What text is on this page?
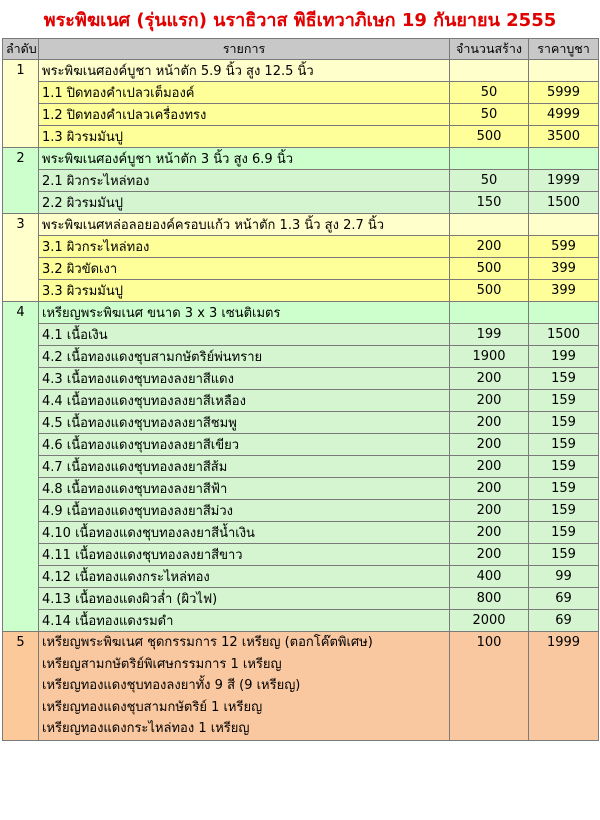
พระพิฆเนศ (รุ่นแรก) นราธิวาส พิธีเทวาภิเษก 19 กันยายน 2555
ลำดับ	รายการ	จำนวนสร้าง	ราคาบูชา
1	พระพิฆเนศองค์บูชา หน้าตัก 5.9 นิ้ว สูง 12.5 นิ้ว		
	1.1 ปิดทองคำเปลวเต็มองค์	50	5999
	1.2 ปิดทองคำเปลวเครื่องทรง	50	4999
	1.3 ผิวรมมันปู	500	3500
2	พระพิฆเนศองค์บูชา หน้าตัก 3 นิ้ว สูง 6.9 นิ้ว		
	2.1 ผิวกระไหล่ทอง	50	1999
	2.2 ผิวรมมันปู	150	1500
3	พระพิฆเนศหล่อลอยองค์ครอบแก้ว หน้าตัก 1.3 นิ้ว สูง 2.7 นิ้ว		
	3.1 ผิวกระไหล่ทอง	200	599
	3.2 ผิวขัดเงา	500	399
	3.3 ผิวรมมันปู	500	399
4	เหรียญพระพิฆเนศ ขนาด 3 x 3 เซนติเมตร		
	4.1 เนื้อเงิน	199	1500
	4.2 เนื้อทองแดงชุบสามกษัตริย์พ่นทราย	1900	199
	4.3 เนื้อทองแดงชุบทองลงยาสีแดง	200	159
	4.4 เนื้อทองแดงชุบทองลงยาสีเหลือง	200	159
	4.5 เนื้อทองแดงชุบทองลงยาสีชมพู	200	159
	4.6 เนื้อทองแดงชุบทองลงยาสีเขียว	200	159
	4.7 เนื้อทองแดงชุบทองลงยาสีส้ม	200	159
	4.8 เนื้อทองแดงชุบทองลงยาสีฟ้า	200	159
	4.9 เนื้อทองแดงชุบทองลงยาสีม่วง	200	159
	4.10 เนื้อทองแดงชุบทองลงยาสีน้ำเงิน	200	159
	4.11 เนื้อทองแดงชุบทองลงยาสีขาว	200	159
	4.12 เนื้อทองแดงกระไหล่ทอง	400	99
	4.13 เนื้อทองแดงผิวล่ำ (ผิวไฟ)	800	69
	4.14 เนื้อทองแดงรมดำ	2000	69
5	เหรียญพระพิฆเนศ ชุดกรรมการ 12 เหรียญ (ตอกโค๊ตพิเศษ)
เหรียญสามกษัตริย์พิเศษกรรมการ 1 เหรียญ
เหรียญทองแดงชุบทองลงยาทั้ง 9 สี (9 เหรียญ)
เหรียญทองแดงชุบสามกษัตริย์ 1 เหรียญ
เหรียญทองแดงกระไหล่ทอง 1 เหรียญ	100	1999
